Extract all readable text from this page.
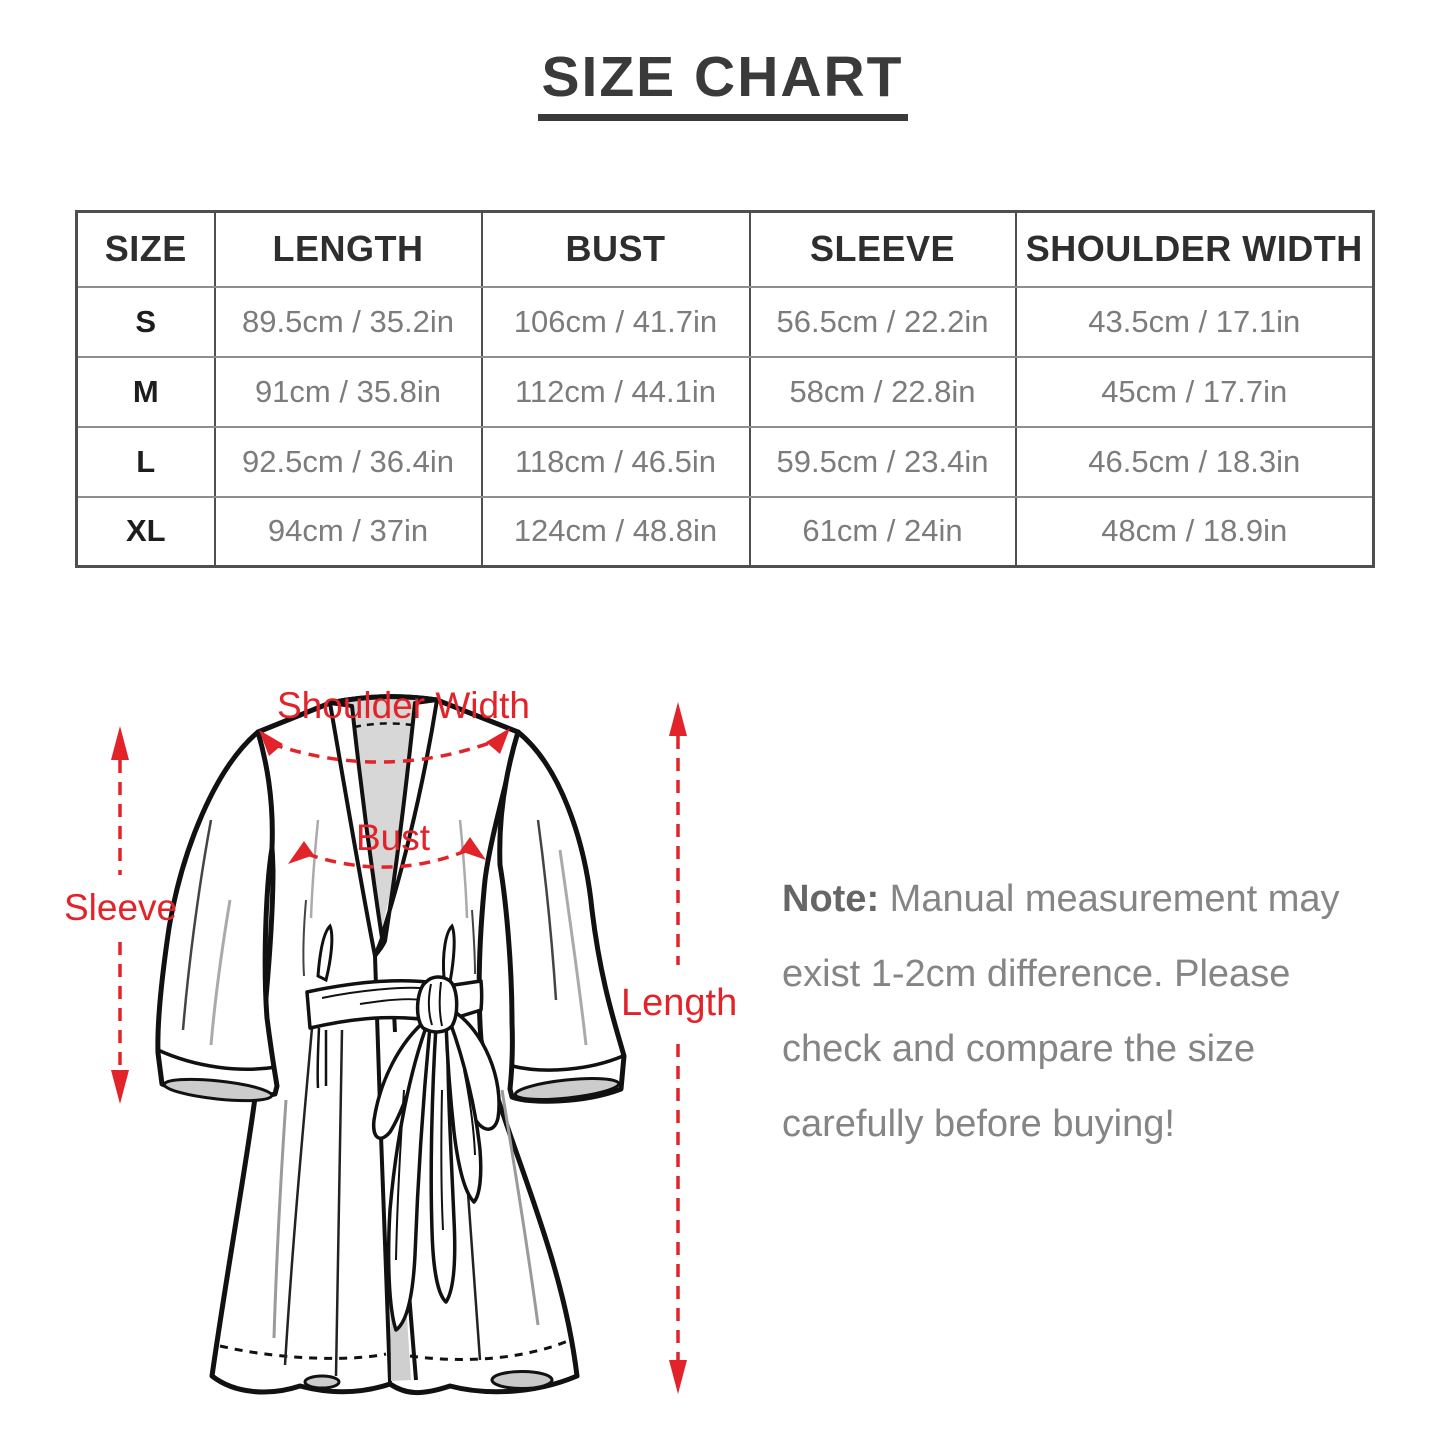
SIZE CHART
SIZE	LENGTH	BUST	SLEEVE	SHOULDER WIDTH
S	89.5cm / 35.2in	106cm / 41.7in	56.5cm / 22.2in	43.5cm / 17.1in
M	91cm / 35.8in	112cm / 44.1in	58cm / 22.8in	45cm / 17.7in
L	92.5cm / 36.4in	118cm / 46.5in	59.5cm / 23.4in	46.5cm / 18.3in
XL	94cm / 37in	124cm / 48.8in	61cm / 24in	48cm / 18.9in
Shoulder Width
Bust
Sleeve
Length
Note: Manual measurement may
exist 1-2cm difference. Please
check and compare the size
carefully before buying!
